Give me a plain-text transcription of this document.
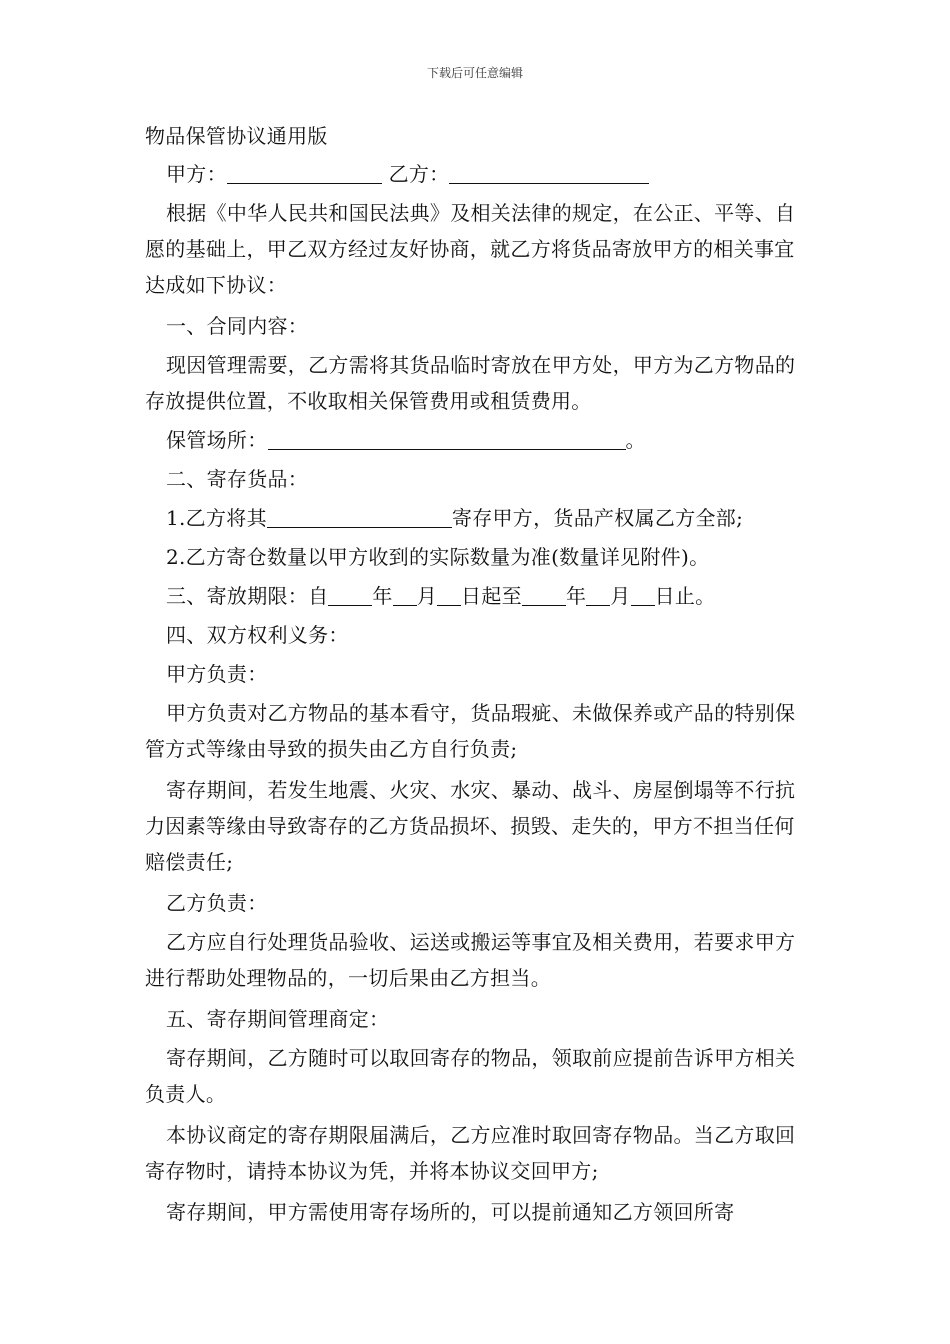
下载后可任意编辑

物品保管协议通用版

甲方：	乙方：

根据《中华人民共和国民法典》及相关法律的规定，在公正、平等、自愿的基础上，甲乙双方经过友好协商，就乙方将货品寄放甲方的相关事宜达成如下协议：

一、合同内容：

现因管理需要，乙方需将其货品临时寄放在甲方处，甲方为乙方物品的存放提供位置，不收取相关保管费用或租赁费用。

保管场所：	。

二、寄存货品：

1.乙方将其	寄存甲方，货品产权属乙方全部;

2.乙方寄仓数量以甲方收到的实际数量为准(数量详见附件)。

三、寄放期限：自 年 月 日起至 年 月 日止。

四、双方权利义务：

甲方负责：

甲方负责对乙方物品的基本看守，货品瑕疵、未做保养或产品的特别保管方式等缘由导致的损失由乙方自行负责;

寄存期间，若发生地震、火灾、水灾、暴动、战斗、房屋倒塌等不行抗力因素等缘由导致寄存的乙方货品损坏、损毁、走失的，甲方不担当任何赔偿责任;

乙方负责：

乙方应自行处理货品验收、运送或搬运等事宜及相关费用，若要求甲方进行帮助处理物品的，一切后果由乙方担当。

五、寄存期间管理商定：

寄存期间，乙方随时可以取回寄存的物品，领取前应提前告诉甲方相关负责人。

本协议商定的寄存期限届满后，乙方应准时取回寄存物品。当乙方取回寄存物时，请持本协议为凭，并将本协议交回甲方;

寄存期间，甲方需使用寄存场所的，可以提前通知乙方领回所寄
